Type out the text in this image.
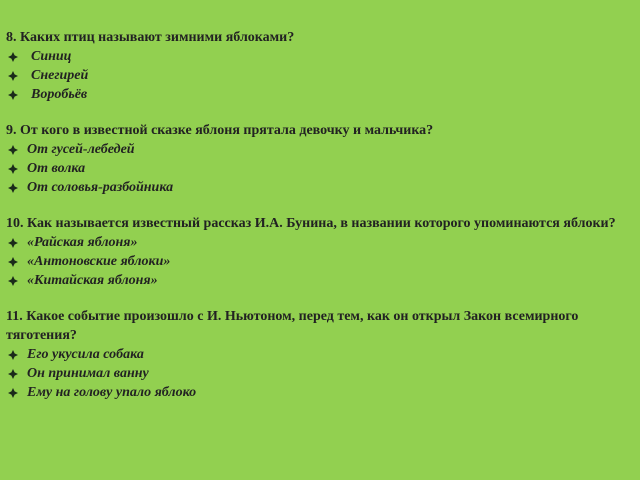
8. Каких птиц называют зимними яблоками?

Синиц
Снегирей
Воробьёв

9. От кого в известной сказке яблоня прятала девочку и мальчика?

От гусей-лебедей
От волка
От соловья-разбойника

10. Как называется известный рассказ И.А. Бунина, в названии которого упоминаются яблоки?

«Райская яблоня»
«Антоновские яблоки»
«Китайская яблоня»

11. Какое событие произошло с И. Ньютоном, перед тем, как он открыл Закон всемирного тяготения?

Его укусила собака
Он принимал ванну
Ему на голову упало яблоко
